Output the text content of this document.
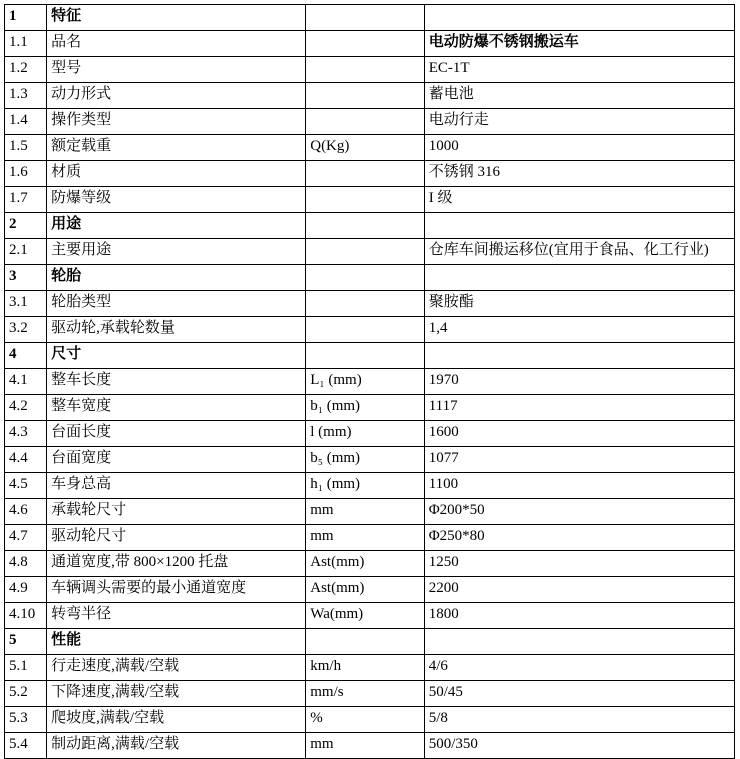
1	特征		
1.1	品名		电动防爆不锈钢搬运车
1.2	型号		EC-1T
1.3	动力形式		蓄电池
1.4	操作类型		电动行走
1.5	额定载重	Q(Kg)	1000
1.6	材质		不锈钢 316
1.7	防爆等级		I 级
2	用途		
2.1	主要用途		仓库车间搬运移位(宜用于食品、化工行业)
3	轮胎		
3.1	轮胎类型		聚胺酯
3.2	驱动轮,承载轮数量		1,4
4	尺寸		
4.1	整车长度	L₁ (mm)	1970
4.2	整车宽度	b₁ (mm)	1117
4.3	台面长度	l (mm)	1600
4.4	台面宽度	b₅ (mm)	1077
4.5	车身总高	h₁ (mm)	1100
4.6	承载轮尺寸	mm	Φ200*50
4.7	驱动轮尺寸	mm	Φ250*80
4.8	通道宽度,带 800×1200 托盘	Ast(mm)	1250
4.9	车辆调头需要的最小通道宽度	Ast(mm)	2200
4.10	转弯半径	Wa(mm)	1800
5	性能		
5.1	行走速度,满载/空载	km/h	4/6
5.2	下降速度,满载/空载	mm/s	50/45
5.3	爬坡度,满载/空载	%	5/8
5.4	制动距离,满载/空载	mm	500/350
